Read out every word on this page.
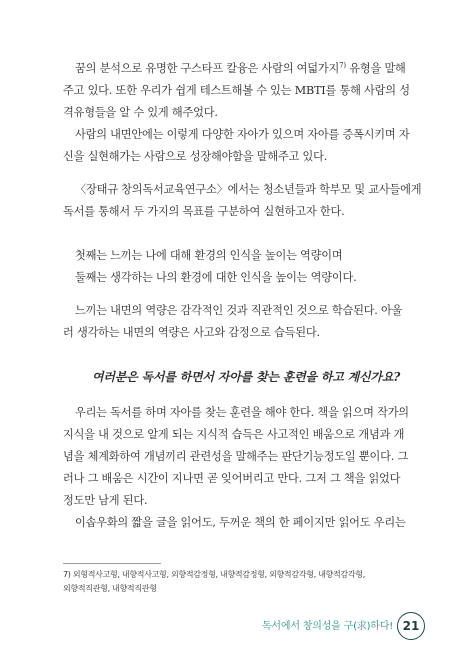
꿈의 분석으로 유명한 구스타프 칼융은 사람의 여덟가지$^{7)}$ 유형을 말해
주고 있다. 또한 우리가 쉽게 테스트해볼 수 있는 MBTI를 통해 사람의 성
격유형들을 알 수 있게 해주었다.

사람의 내면안에는 이렇게 다양한 자아가 있으며 자아를 증폭시키며 자
신을 실현해가는 사람으로 성장해야함을 말해주고 있다.

〈장태규 창의독서교육연구소〉에서는 청소년들과 학부모 및 교사들에게
독서를 통해서 두 가지의 목표를 구분하여 실현하고자 한다.

첫째는 느끼는 나에 대해 환경의 인식을 높이는 역량이며
둘째는 생각하는 나의 환경에 대한 인식을 높이는 역량이다.

느끼는 내면의 역량은 감각적인 것과 직관적인 것으로 학습된다. 아울
러 생각하는 내면의 역량은 사고와 감정으로 습득된다.

여러분은 독서를 하면서 자아를 찾는 훈련을 하고 계신가요?

우리는 독서를 하며 자아를 찾는 훈련을 해야 한다. 책을 읽으며 작가의
지식을 내 것으로 알게 되는 지식적 습득은 사고적인 배움으로 개념과 개
념을 체계화하여 개념끼리 관련성을 말해주는 판단기능정도일 뿐이다. 그
러나 그 배움은 시간이 지나면 곧 잊어버리고 만다. 그저 그 책을 읽었다
정도만 남게 된다.

이솝우화의 짧을 글을 읽어도, 두꺼운 책의 한 페이지만 읽어도 우리는

7) 외형적사고형, 내향적사고형, 외향적감정형, 내향적감정형, 외향적감각형, 내향적감각형,
외향적직관형, 내향적직관형
독서에서 창의성을 구(求)하다! 21
